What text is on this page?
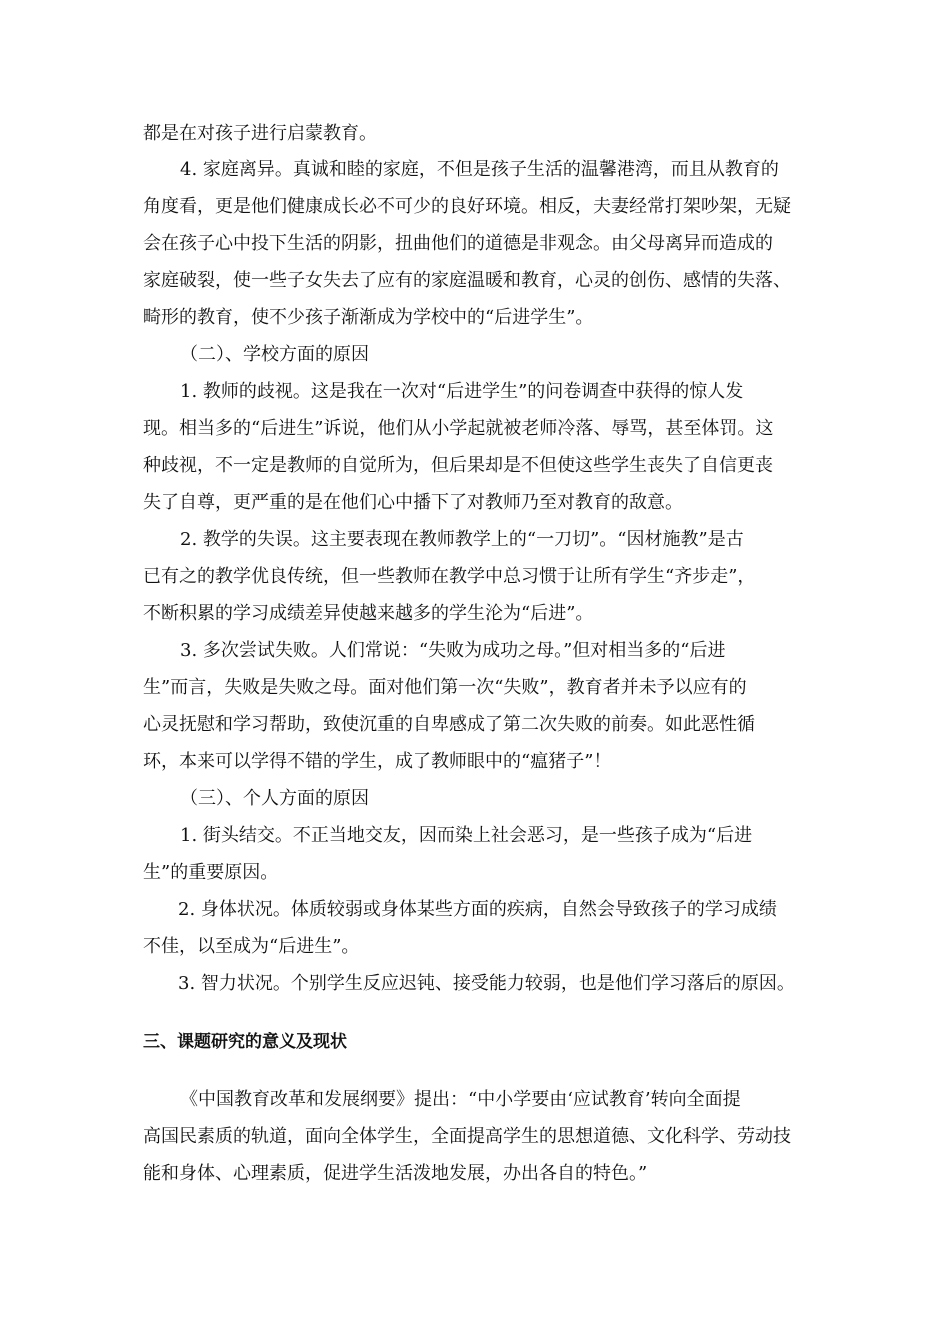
都是在对孩子进行启蒙教育。
4. 家庭离异。真诚和睦的家庭，不但是孩子生活的温馨港湾，而且从教育的
角度看，更是他们健康成长必不可少的良好环境。相反，夫妻经常打架吵架，无疑
会在孩子心中投下生活的阴影，扭曲他们的道德是非观念。由父母离异而造成的
家庭破裂，使一些子女失去了应有的家庭温暖和教育，心灵的创伤、感情的失落、
畸形的教育，使不少孩子渐渐成为学校中的“后进学生”。
（二）、学校方面的原因
1. 教师的歧视。这是我在一次对“后进学生”的问卷调查中获得的惊人发
现。相当多的“后进生”诉说，他们从小学起就被老师冷落、辱骂，甚至体罚。这
种歧视，不一定是教师的自觉所为，但后果却是不但使这些学生丧失了自信更丧
失了自尊，更严重的是在他们心中播下了对教师乃至对教育的敌意。
2. 教学的失误。这主要表现在教师教学上的“一刀切”。“因材施教”是古
已有之的教学优良传统，但一些教师在教学中总习惯于让所有学生“齐步走”，
不断积累的学习成绩差异使越来越多的学生沦为“后进”。
3. 多次尝试失败。人们常说：“失败为成功之母。”但对相当多的“后进
生”而言，失败是失败之母。面对他们第一次“失败”，教育者并未予以应有的
心灵抚慰和学习帮助，致使沉重的自卑感成了第二次失败的前奏。如此恶性循
环，本来可以学得不错的学生，成了教师眼中的“瘟猪子”！
（三）、个人方面的原因
1. 街头结交。不正当地交友，因而染上社会恶习，是一些孩子成为“后进
生”的重要原因。
2. 身体状况。体质较弱或身体某些方面的疾病，自然会导致孩子的学习成绩
不佳，以至成为“后进生”。
3. 智力状况。个别学生反应迟钝、接受能力较弱，也是他们学习落后的原因。
三、课题研究的意义及现状
《中国教育改革和发展纲要》提出：“中小学要由‘应试教育’转向全面提
高国民素质的轨道，面向全体学生，全面提高学生的思想道德、文化科学、劳动技
能和身体、心理素质，促进学生活泼地发展，办出各自的特色。”
